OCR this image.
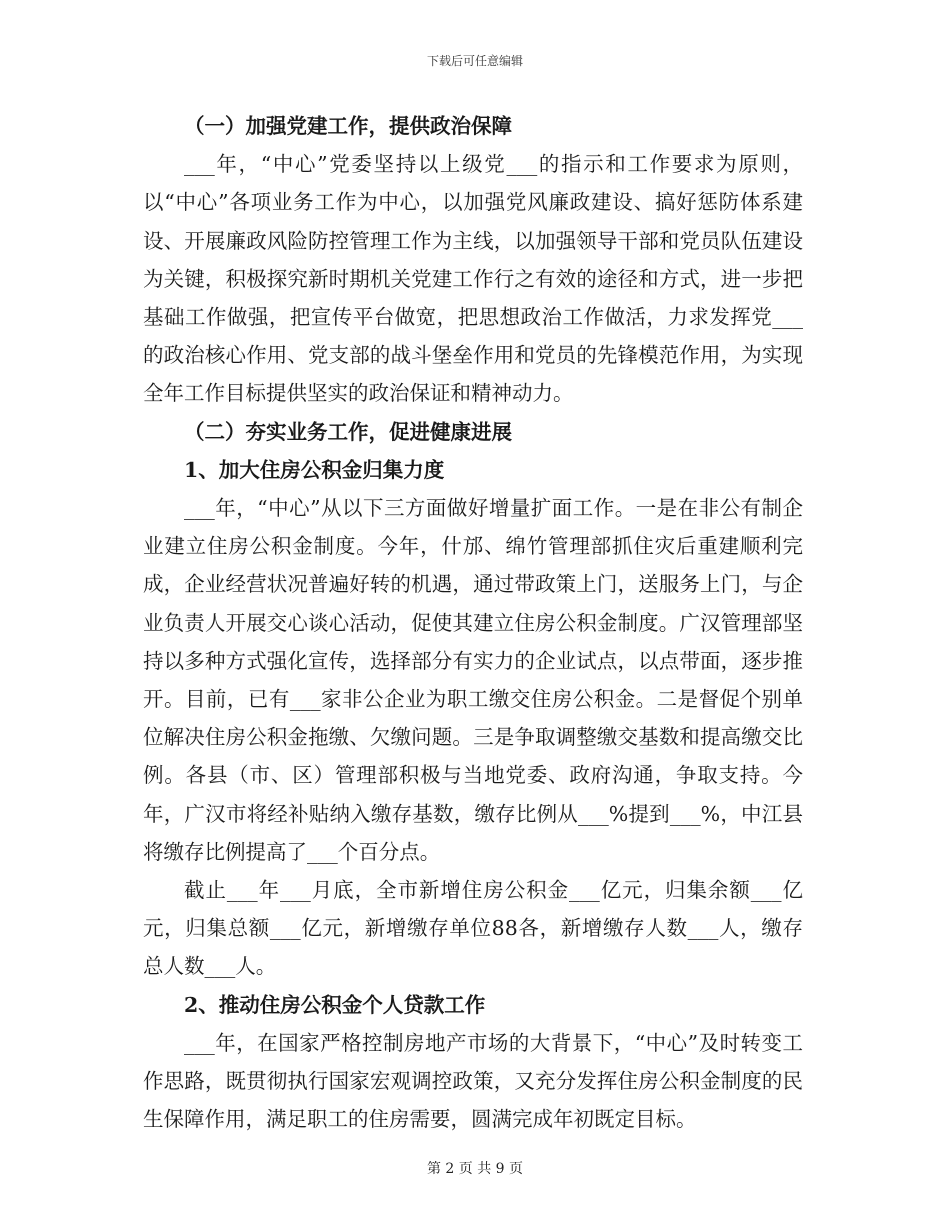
下载后可任意编辑

（一）加强党建工作，提供政治保障

___年，“中心”党委坚持以上级党___的指示和工作要求为原则，以“中心”各项业务工作为中心，以加强党风廉政建设、搞好惩防体系建设、开展廉政风险防控管理工作为主线，以加强领导干部和党员队伍建设为关键，积极探究新时期机关党建工作行之有效的途径和方式，进一步把基础工作做强，把宣传平台做宽，把思想政治工作做活，力求发挥党___的政治核心作用、党支部的战斗堡垒作用和党员的先锋模范作用，为实现全年工作目标提供坚实的政治保证和精神动力。

（二）夯实业务工作，促进健康进展

1、加大住房公积金归集力度

___年，“中心”从以下三方面做好增量扩面工作。一是在非公有制企业建立住房公积金制度。今年，什邡、绵竹管理部抓住灾后重建顺利完成，企业经营状况普遍好转的机遇，通过带政策上门，送服务上门，与企业负责人开展交心谈心活动，促使其建立住房公积金制度。广汉管理部坚持以多种方式强化宣传，选择部分有实力的企业试点，以点带面，逐步推开。目前，已有___家非公企业为职工缴交住房公积金。二是督促个别单位解决住房公积金拖缴、欠缴问题。三是争取调整缴交基数和提高缴交比例。各县（市、区）管理部积极与当地党委、政府沟通，争取支持。今年，广汉市将经补贴纳入缴存基数，缴存比例从___%提到___%，中江县将缴存比例提高了___个百分点。

截止___年___月底，全市新增住房公积金___亿元，归集余额___亿元，归集总额___亿元，新增缴存单位88各，新增缴存人数___人，缴存总人数___人。

2、推动住房公积金个人贷款工作

___年，在国家严格控制房地产市场的大背景下，“中心”及时转变工作思路，既贯彻执行国家宏观调控政策，又充分发挥住房公积金制度的民生保障作用，满足职工的住房需要，圆满完成年初既定目标。

第 2 页 共 9 页
